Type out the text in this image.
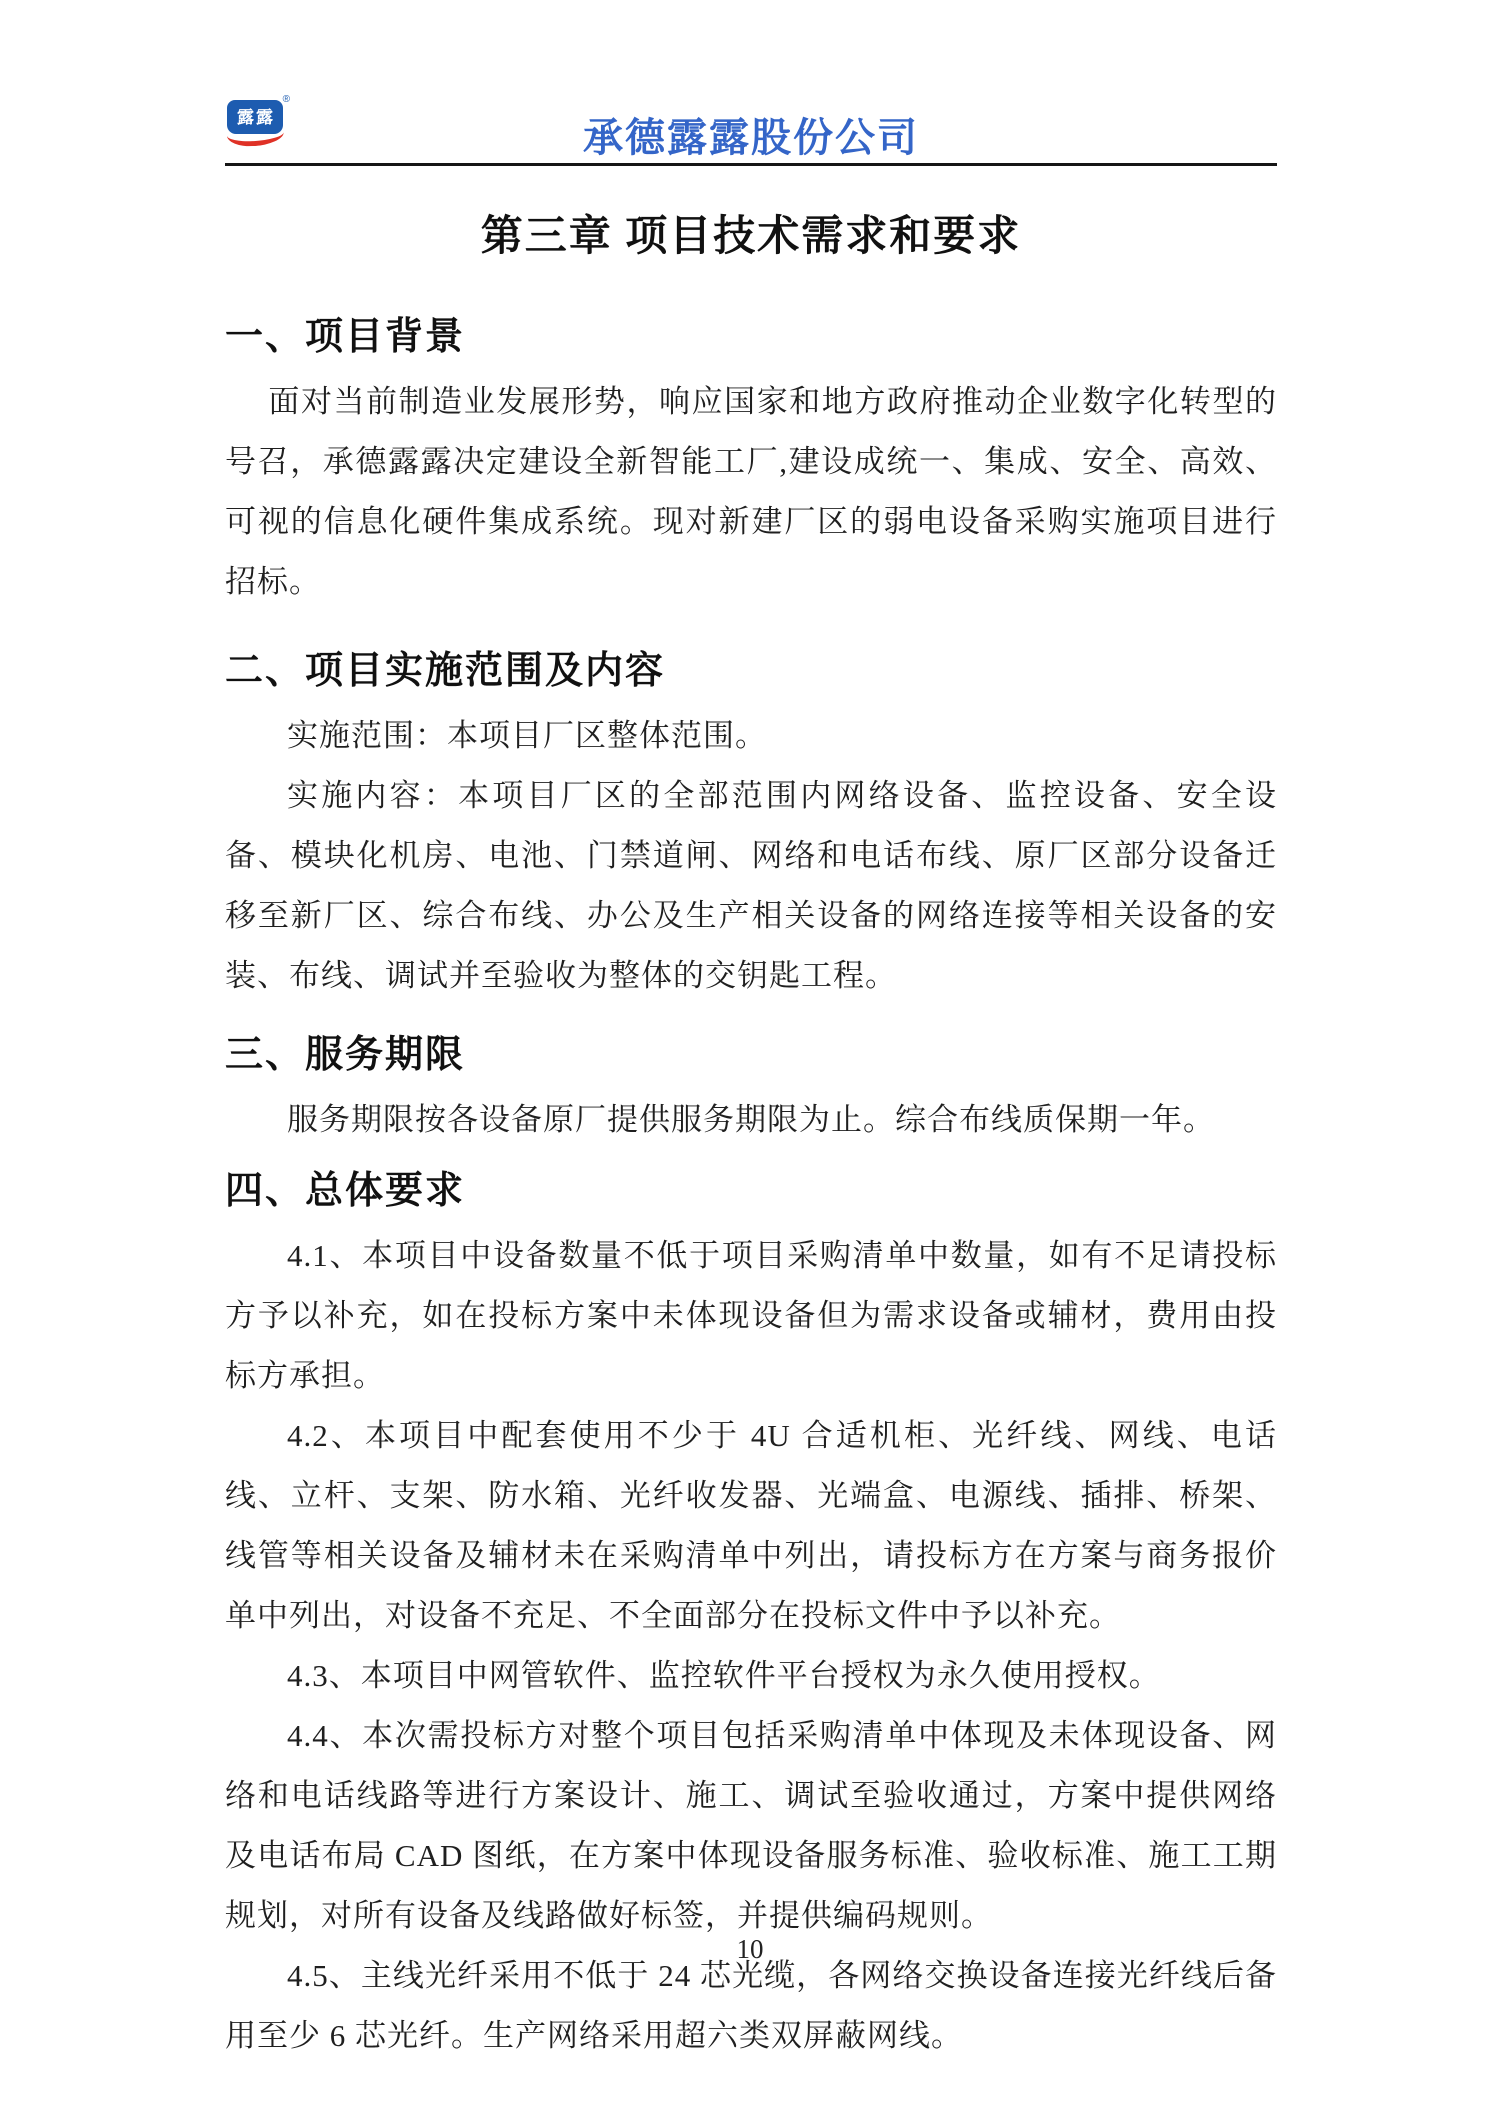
露 露
®
承德露露股份公司
第三章 项目技术需求和要求
一、项目背景

面对当前制造业发展形势，响应国家和地方政府推动企业数字化转型的号召，承德露露决定建设全新智能工厂,建设成统一、集成、安全、高效、可视的信息化硬件集成系统。现对新建厂区的弱电设备采购实施项目进行招标。

二、项目实施范围及内容

实施范围：本项目厂区整体范围。

实施内容：本项目厂区的全部范围内网络设备、监控设备、安全设备、模块化机房、电池、门禁道闸、网络和电话布线、原厂区部分设备迁移至新厂区、综合布线、办公及生产相关设备的网络连接等相关设备的安装、布线、调试并至验收为整体的交钥匙工程。

三、服务期限

服务期限按各设备原厂提供服务期限为止。综合布线质保期一年。

四、总体要求

4.1、本项目中设备数量不低于项目采购清单中数量，如有不足请投标方予以补充，如在投标方案中未体现设备但为需求设备或辅材，费用由投标方承担。

4.2、本项目中配套使用不少于 4U 合适机柜、光纤线、网线、电话线、立杆、支架、防水箱、光纤收发器、光端盒、电源线、插排、桥架、线管等相关设备及辅材未在采购清单中列出，请投标方在方案与商务报价单中列出，对设备不充足、不全面部分在投标文件中予以补充。

4.3、本项目中网管软件、监控软件平台授权为永久使用授权。

4.4、本次需投标方对整个项目包括采购清单中体现及未体现设备、网络和电话线路等进行方案设计、施工、调试至验收通过，方案中提供网络及电话布局 CAD 图纸，在方案中体现设备服务标准、验收标准、施工工期规划，对所有设备及线路做好标签，并提供编码规则。

4.5、主线光纤采用不低于 24 芯光缆，各网络交换设备连接光纤线后备用至少 6 芯光纤。生产网络采用超六类双屏蔽网线。

10
